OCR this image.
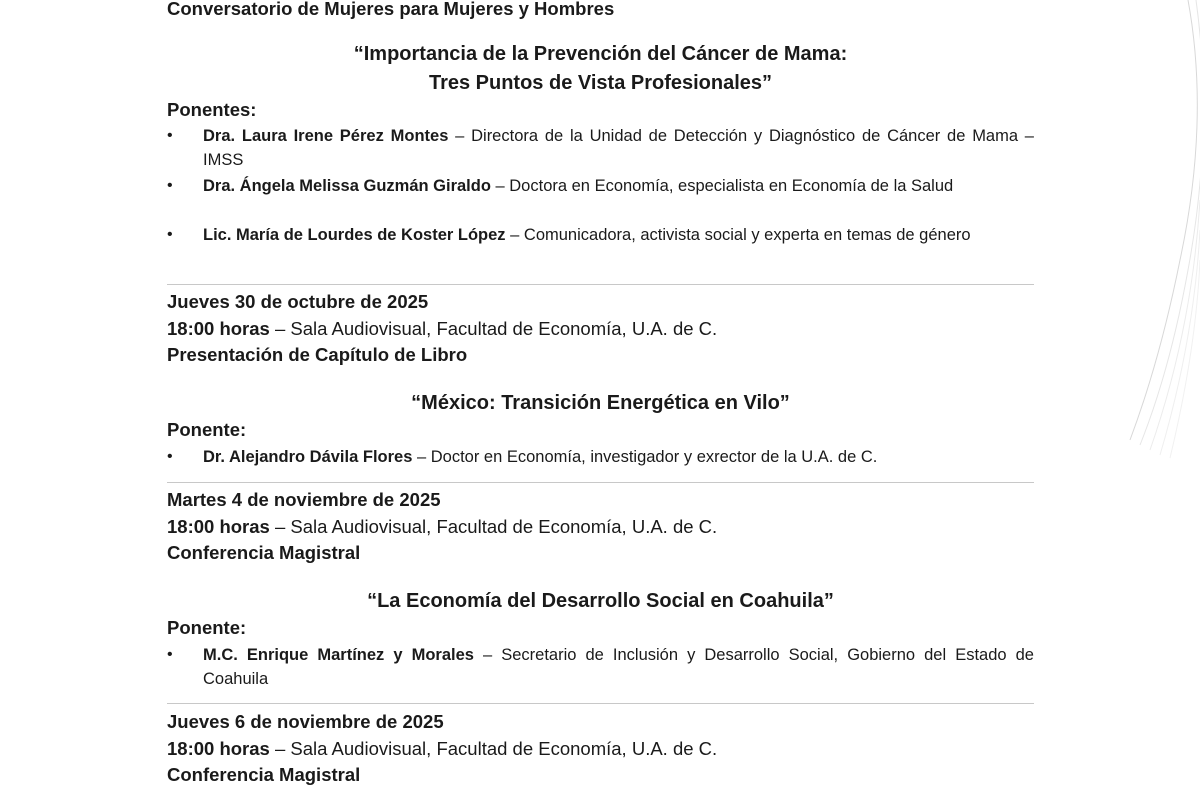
Conversatorio de Mujeres para Mujeres y Hombres
“Importancia de la Prevención del Cáncer de Mama:
Tres Puntos de Vista Profesionales”
Ponentes:
• Dra. Laura Irene Pérez Montes – Directora de la Unidad de Detección y Diagnóstico de Cáncer de Mama – IMSS
• Dra. Ángela Melissa Guzmán Giraldo – Doctora en Economía, especialista en Economía de la Salud
• Lic. María de Lourdes de Koster López – Comunicadora, activista social y experta en temas de género
Jueves 30 de octubre de 2025
18:00 horas – Sala Audiovisual, Facultad de Economía, U.A. de C.
Presentación de Capítulo de Libro
“México: Transición Energética en Vilo”
Ponente:
• Dr. Alejandro Dávila Flores – Doctor en Economía, investigador y exrector de la U.A. de C.
Martes 4 de noviembre de 2025
18:00 horas – Sala Audiovisual, Facultad de Economía, U.A. de C.
Conferencia Magistral
“La Economía del Desarrollo Social en Coahuila”
Ponente:
• M.C. Enrique Martínez y Morales – Secretario de Inclusión y Desarrollo Social, Gobierno del Estado de Coahuila
Jueves 6 de noviembre de 2025
18:00 horas – Sala Audiovisual, Facultad de Economía, U.A. de C.
Conferencia Magistral
